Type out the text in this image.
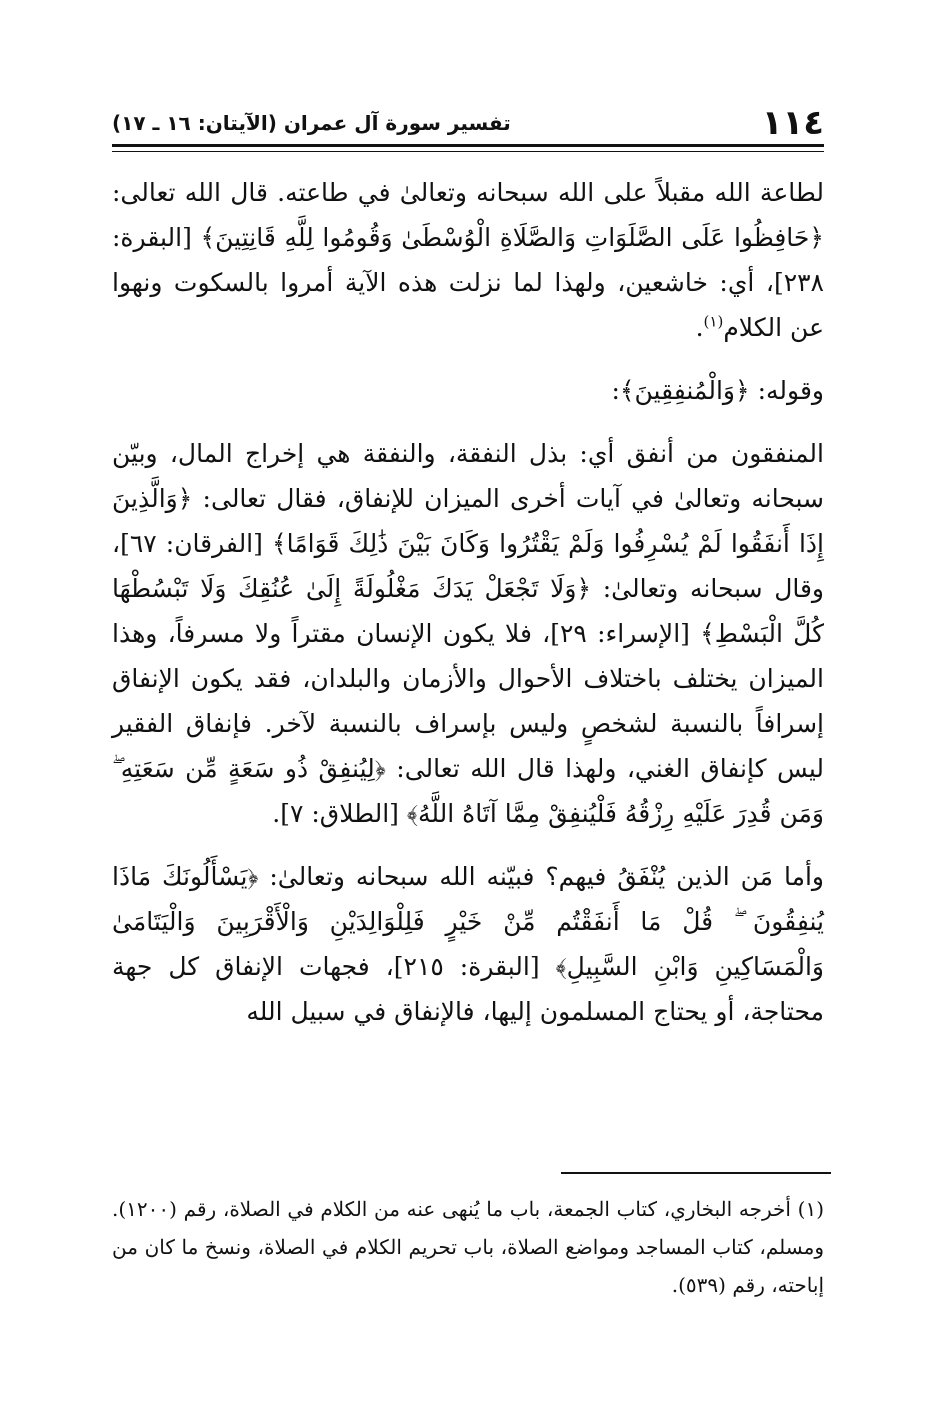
١١٤
تفسير سورة آل عمران (الآيتان: ١٦ ـ ١٧)

لطاعة الله مقبلاً على الله سبحانه وتعالىٰ في طاعته. قال الله تعالى: ﴿حَافِظُوا عَلَى الصَّلَوَاتِ وَالصَّلَاةِ الْوُسْطَىٰ وَقُومُوا لِلَّهِ قَانِتِينَ﴾ [البقرة: ٢٣٨]، أي: خاشعين، ولهذا لما نزلت هذه الآية أمروا بالسكوت ونهوا عن الكلام$^{(١)}$.

وقوله: ﴿وَالْمُنفِقِينَ﴾:

المنفقون من أنفق أي: بذل النفقة، والنفقة هي إخراج المال، وبيّن سبحانه وتعالىٰ في آيات أخرى الميزان للإنفاق، فقال تعالى: ﴿وَالَّذِينَ إِذَا أَنفَقُوا لَمْ يُسْرِفُوا وَلَمْ يَقْتُرُوا وَكَانَ بَيْنَ ذَٰلِكَ قَوَامًا﴾ [الفرقان: ٦٧]، وقال سبحانه وتعالىٰ: ﴿وَلَا تَجْعَلْ يَدَكَ مَغْلُولَةً إِلَىٰ عُنُقِكَ وَلَا تَبْسُطْهَا كُلَّ الْبَسْطِ﴾ [الإسراء: ٢٩]، فلا يكون الإنسان مقتراً ولا مسرفاً، وهذا الميزان يختلف باختلاف الأحوال والأزمان والبلدان، فقد يكون الإنفاق إسرافاً بالنسبة لشخصٍ وليس بإسراف بالنسبة لآخر. فإنفاق الفقير ليس كإنفاق الغني، ولهذا قال الله تعالى: ﴿لِيُنفِقْ ذُو سَعَةٍ مِّن سَعَتِهِ ۖ وَمَن قُدِرَ عَلَيْهِ رِزْقُهُ فَلْيُنفِقْ مِمَّا آتَاهُ اللَّهُ﴾ [الطلاق: ٧].

وأما مَن الذين يُنْفَقُ فيهم؟ فبيّنه الله سبحانه وتعالىٰ: ﴿يَسْأَلُونَكَ مَاذَا يُنفِقُونَ ۖ قُلْ مَا أَنفَقْتُم مِّنْ خَيْرٍ فَلِلْوَالِدَيْنِ وَالْأَقْرَبِينَ وَالْيَتَامَىٰ وَالْمَسَاكِينِ وَابْنِ السَّبِيلِ﴾ [البقرة: ٢١٥]، فجهات الإنفاق كل جهة محتاجة، أو يحتاج المسلمون إليها، فالإنفاق في سبيل الله

(١) أخرجه البخاري، كتاب الجمعة، باب ما يُنهى عنه من الكلام في الصلاة، رقم (١٢٠٠). ومسلم، كتاب المساجد ومواضع الصلاة، باب تحريم الكلام في الصلاة، ونسخ ما كان من إباحته، رقم (٥٣٩).
